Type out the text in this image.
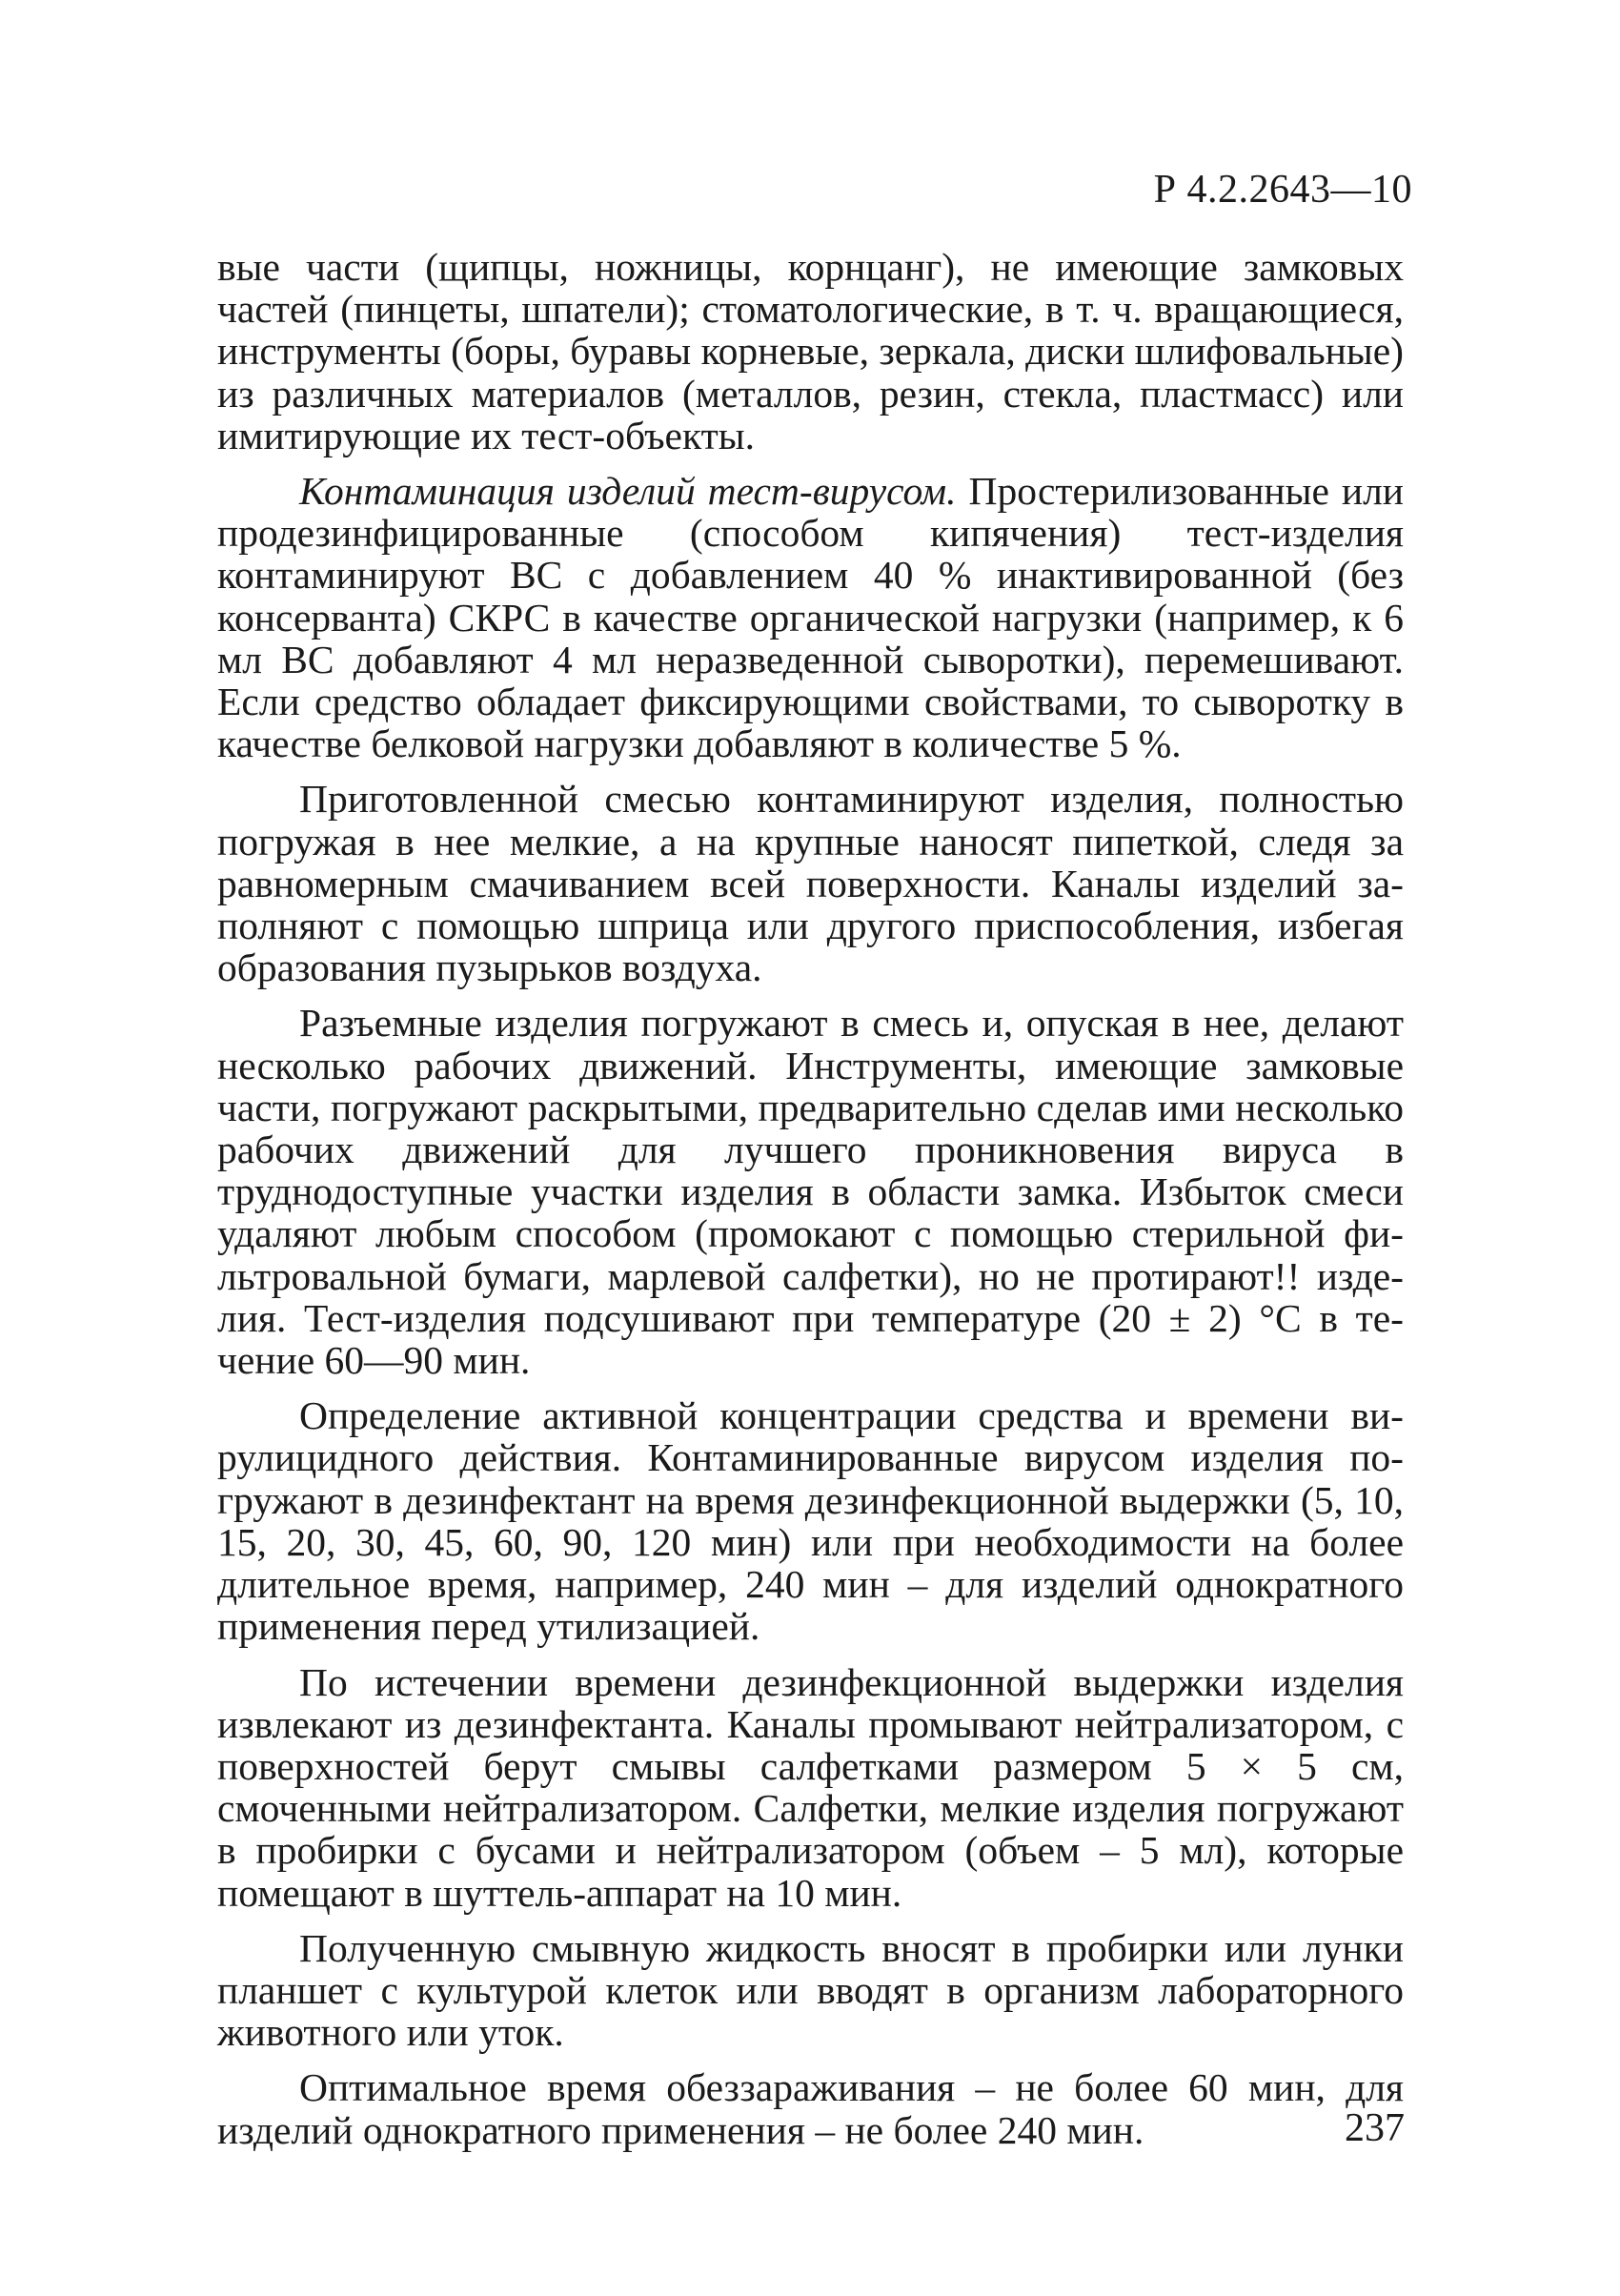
Р 4.2.2643—10

вые части (щипцы, ножницы, корнцанг), не имеющие замковых частей (пинцеты, шпатели); стоматологические, в т. ч. вращающиеся, инструменты (боры, буравы корневые, зеркала, диски шлифовальные) из различных материалов (металлов, резин, стекла, пластмасс) или имитирующие их тест-объекты.

Контаминация изделий тест-вирусом. Простерилизованные или продезинфицированные (способом кипячения) тест-изделия контаминируют ВС с добавлением 40 % инактивированной (без консерванта) СКРС в качестве органической нагрузки (например, к 6 мл ВС добавляют 4 мл неразведенной сыворотки), перемешивают. Если средство обладает фиксирующими свойствами, то сыворотку в качестве белковой нагрузки добавляют в количестве 5 %.

Приготовленной смесью контаминируют изделия, полностью погружая в нее мелкие, а на крупные наносят пипеткой, следя за равномерным смачиванием всей поверхности. Каналы изделий заполняют с помощью шприца или другого приспособления, избегая образования пузырьков воздуха.

Разъемные изделия погружают в смесь и, опуская в нее, делают несколько рабочих движений. Инструменты, имеющие замковые части, погружают раскрытыми, предварительно сделав ими несколько рабочих движений для лучшего проникновения вируса в труднодоступные участки изделия в области замка. Избыток смеси удаляют любым способом (промокают с помощью стерильной фильтровальной бумаги, марлевой салфетки), но не протирают!! изделия. Тест-изделия подсушивают при температуре (20 ± 2) °С в течение 60—90 мин.

Определение активной концентрации средства и времени вирулицидного действия. Контаминированные вирусом изделия погружают в дезинфектант на время дезинфекционной выдержки (5, 10, 15, 20, 30, 45, 60, 90, 120 мин) или при необходимости на более длительное время, например, 240 мин – для изделий однократного применения перед утилизацией.

По истечении времени дезинфекционной выдержки изделия извлекают из дезинфектанта. Каналы промывают нейтрализатором, с поверхностей берут смывы салфетками размером 5 × 5 см, смоченными нейтрализатором. Салфетки, мелкие изделия погружают в пробирки с бусами и нейтрализатором (объем – 5 мл), которые помещают в шуттель-аппарат на 10 мин.

Полученную смывную жидкость вносят в пробирки или лунки планшет с культурой клеток или вводят в организм лабораторного животного или уток.

Оптимальное время обеззараживания – не более 60 мин, для изделий однократного применения – не более 240 мин.	237
